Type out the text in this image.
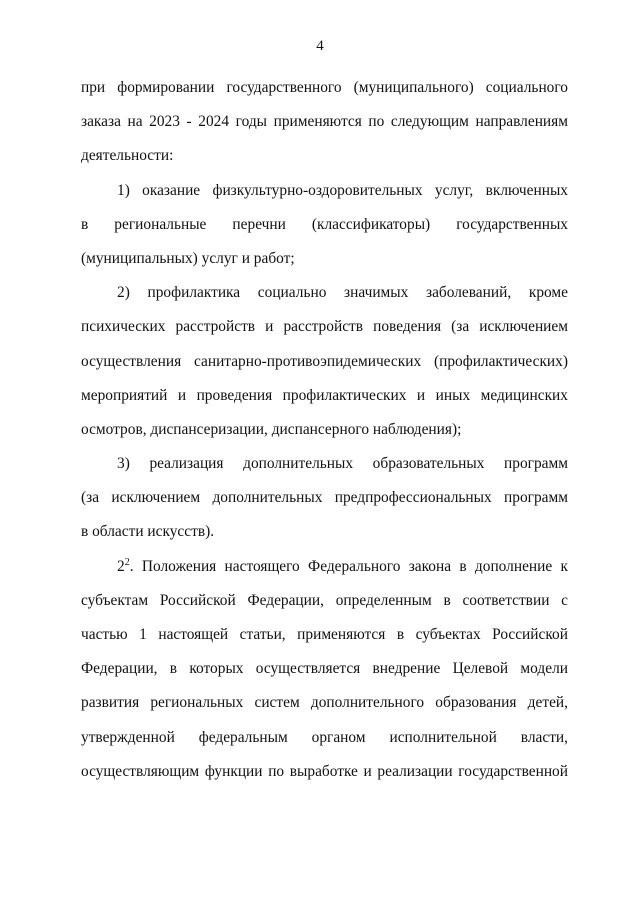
4
при формировании государственного (муниципального) социального
заказа на 2023 - 2024 годы применяются по следующим направлениям
деятельности:
1) оказание физкультурно-оздоровительных услуг, включенных
в региональные перечни (классификаторы) государственных
(муниципальных) услуг и работ;
2) профилактика социально значимых заболеваний, кроме
психических расстройств и расстройств поведения (за исключением
осуществления санитарно-противоэпидемических (профилактических)
мероприятий и проведения профилактических и иных медицинских
осмотров, диспансеризации, диспансерного наблюдения);
3) реализация дополнительных образовательных программ
(за исключением дополнительных предпрофессиональных программ
в области искусств).
$2^2$. Положения настоящего Федерального закона в дополнение к
субъектам Российской Федерации, определенным в соответствии с
частью 1 настоящей статьи, применяются в субъектах Российской
Федерации, в которых осуществляется внедрение Целевой модели
развития региональных систем дополнительного образования детей,
утвержденной федеральным органом исполнительной власти,
осуществляющим функции по выработке и реализации государственной
